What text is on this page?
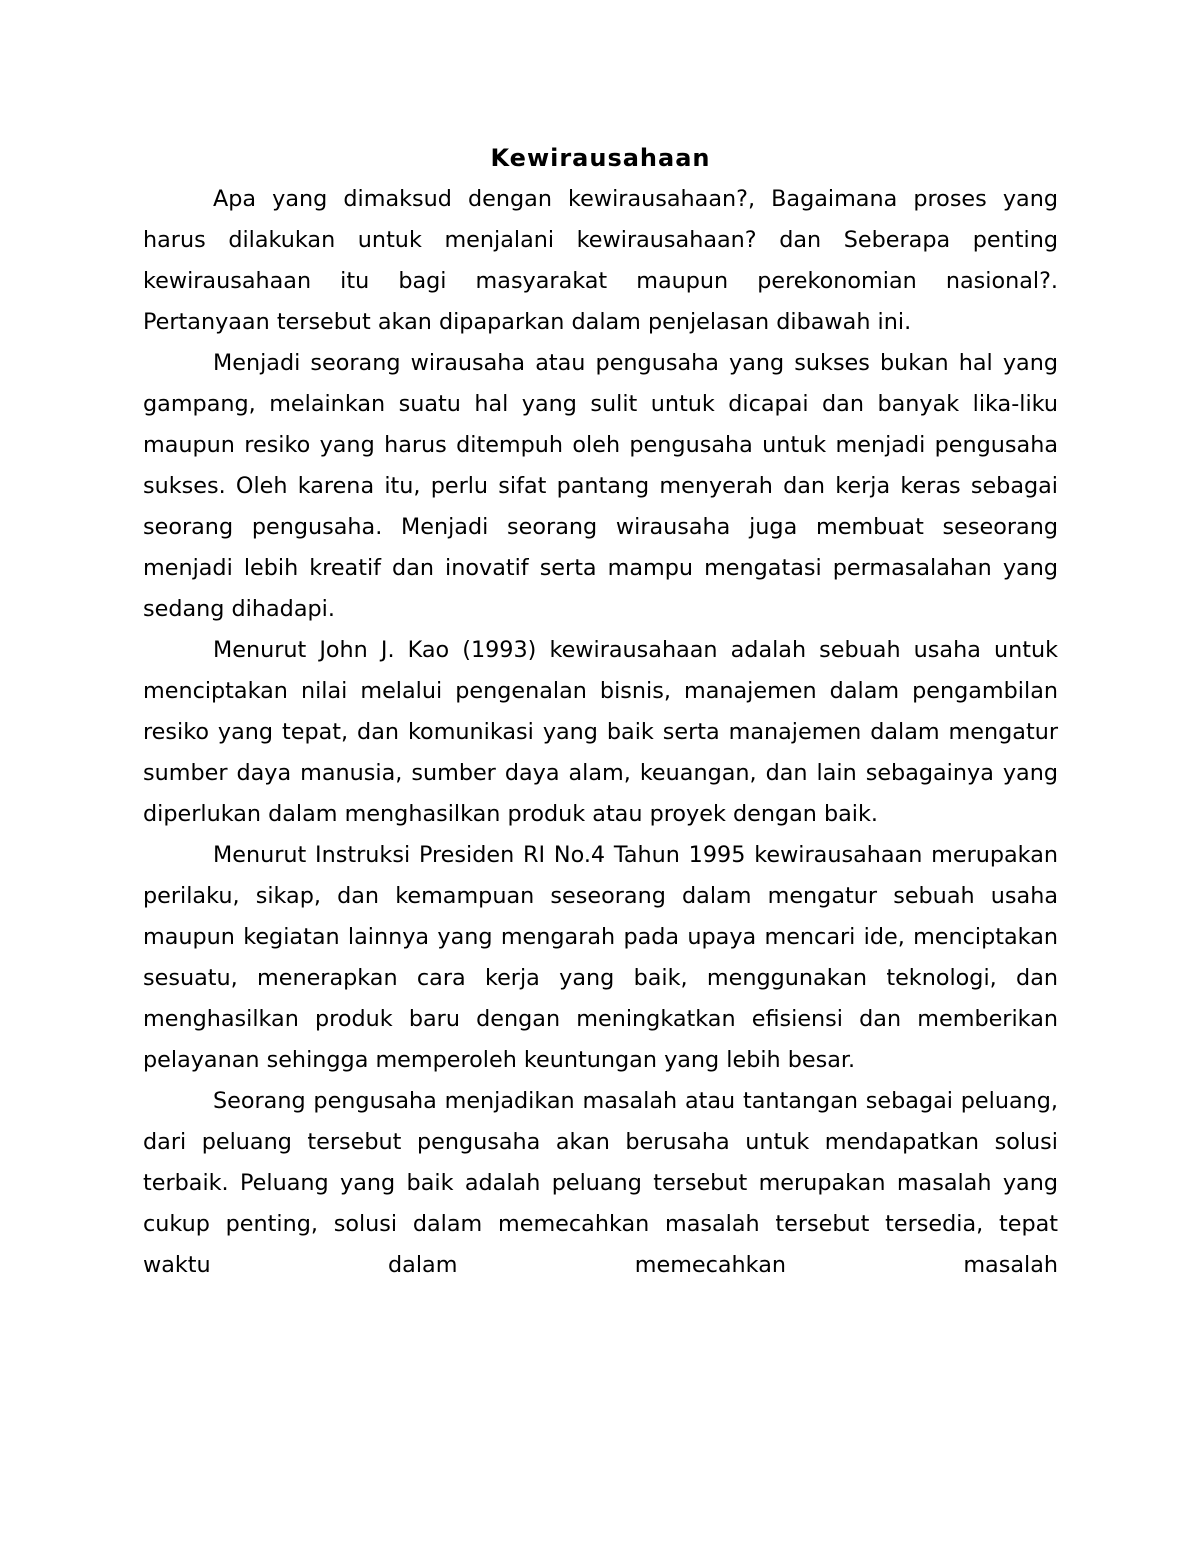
Kewirausahaan

Apa yang dimaksud dengan kewirausahaan?, Bagaimana proses yang harus dilakukan untuk menjalani kewirausahaan? dan Seberapa penting kewirausahaan itu bagi masyarakat maupun perekonomian nasional?. Pertanyaan tersebut akan dipaparkan dalam penjelasan dibawah ini.

Menjadi seorang wirausaha atau pengusaha yang sukses bukan hal yang gampang, melainkan suatu hal yang sulit untuk dicapai dan banyak lika-liku maupun resiko yang harus ditempuh oleh pengusaha untuk menjadi pengusaha sukses. Oleh karena itu, perlu sifat pantang menyerah dan kerja keras sebagai seorang pengusaha. Menjadi seorang wirausaha juga membuat seseorang menjadi lebih kreatif dan inovatif serta mampu mengatasi permasalahan yang sedang dihadapi.

Menurut John J. Kao (1993) kewirausahaan adalah sebuah usaha untuk menciptakan nilai melalui pengenalan bisnis, manajemen dalam pengambilan resiko yang tepat, dan komunikasi yang baik serta manajemen dalam mengatur sumber daya manusia, sumber daya alam, keuangan, dan lain sebagainya yang diperlukan dalam menghasilkan produk atau proyek dengan baik.

Menurut Instruksi Presiden RI No.4 Tahun 1995 kewirausahaan merupakan perilaku, sikap, dan kemampuan seseorang dalam mengatur sebuah usaha maupun kegiatan lainnya yang mengarah pada upaya mencari ide, menciptakan sesuatu, menerapkan cara kerja yang baik, menggunakan teknologi, dan menghasilkan produk baru dengan meningkatkan efisiensi dan memberikan pelayanan sehingga memperoleh keuntungan yang lebih besar.

Seorang pengusaha menjadikan masalah atau tantangan sebagai peluang, dari peluang tersebut pengusaha akan berusaha untuk mendapatkan solusi terbaik. Peluang yang baik adalah peluang tersebut merupakan masalah yang cukup penting, solusi dalam memecahkan masalah tersebut tersedia, tepat waktu dalam memecahkan masalah
